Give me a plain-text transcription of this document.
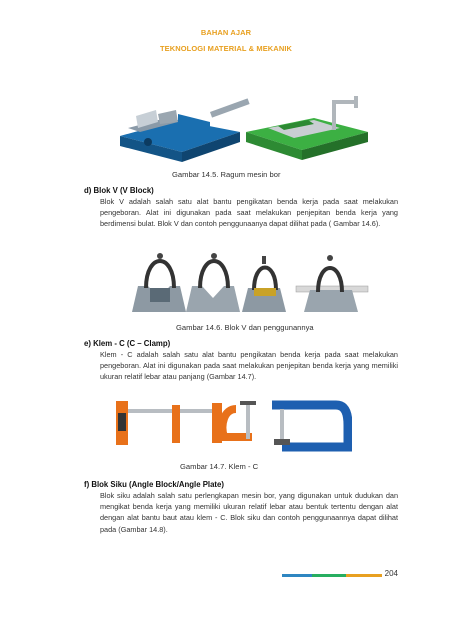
BAHAN AJAR
TEKNOLOGI MATERIAL & MEKANIK
Gambar 14.5. Ragum mesin bor
d) Blok V (V Block)

Blok V adalah salah satu alat bantu pengikatan benda kerja pada saat melakukan pengeboran. Alat ini digunakan pada saat melakukan penjepitan benda kerja yang berdimensi bulat. Blok V dan contoh penggunaanya dapat dilihat pada ( Gambar 14.6).

Gambar 14.6. Blok V dan penggunannya
e) Klem - C (C – Clamp)

Klem - C adalah salah satu alat bantu pengikatan benda kerja pada saat melakukan pengeboran. Alat ini digunakan pada saat melakukan penjepitan benda kerja yang memiliki ukuran relatif lebar atau panjang (Gambar 14.7).

IRWIN
Gambar 14.7. Klem - C
f) Blok Siku (Angle Block/Angle Plate)

Blok siku adalah salah satu perlengkapan mesin bor, yang digunakan untuk dudukan dan mengikat benda kerja yang memiliki ukuran relatif lebar atau bentuk tertentu dengan alat dengan alat bantu baut atau klem - C. Blok siku dan contoh penggunaannya dapat dilihat pada (Gambar 14.8).

204
